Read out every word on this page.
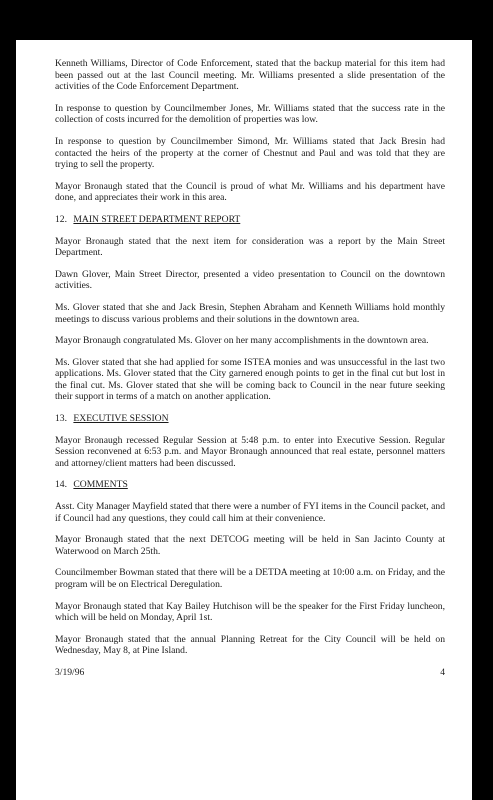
Kenneth Williams, Director of Code Enforcement, stated that the backup material for this item had been passed out at the last Council meeting. Mr. Williams presented a slide presentation of the activities of the Code Enforcement Department.

In response to question by Councilmember Jones, Mr. Williams stated that the success rate in the collection of costs incurred for the demolition of properties was low.

In response to question by Councilmember Simond, Mr. Williams stated that Jack Bresin had contacted the heirs of the property at the corner of Chestnut and Paul and was told that they are trying to sell the property.

Mayor Bronaugh stated that the Council is proud of what Mr. Williams and his department have done, and appreciates their work in this area.

12. MAIN STREET DEPARTMENT REPORT

Mayor Bronaugh stated that the next item for consideration was a report by the Main Street Department.

Dawn Glover, Main Street Director, presented a video presentation to Council on the downtown activities.

Ms. Glover stated that she and Jack Bresin, Stephen Abraham and Kenneth Williams hold monthly meetings to discuss various problems and their solutions in the downtown area.

Mayor Bronaugh congratulated Ms. Glover on her many accomplishments in the downtown area.

Ms. Glover stated that she had applied for some ISTEA monies and was unsuccessful in the last two applications. Ms. Glover stated that the City garnered enough points to get in the final cut but lost in the final cut. Ms. Glover stated that she will be coming back to Council in the near future seeking their support in terms of a match on another application.

13. EXECUTIVE SESSION

Mayor Bronaugh recessed Regular Session at 5:48 p.m. to enter into Executive Session. Regular Session reconvened at 6:53 p.m. and Mayor Bronaugh announced that real estate, personnel matters and attorney/client matters had been discussed.

14. COMMENTS

Asst. City Manager Mayfield stated that there were a number of FYI items in the Council packet, and if Council had any questions, they could call him at their convenience.

Mayor Bronaugh stated that the next DETCOG meeting will be held in San Jacinto County at Waterwood on March 25th.

Councilmember Bowman stated that there will be a DETDA meeting at 10:00 a.m. on Friday, and the program will be on Electrical Deregulation.

Mayor Bronaugh stated that Kay Bailey Hutchison will be the speaker for the First Friday luncheon, which will be held on Monday, April 1st.

Mayor Bronaugh stated that the annual Planning Retreat for the City Council will be held on Wednesday, May 8, at Pine Island.

3/19/96	4
